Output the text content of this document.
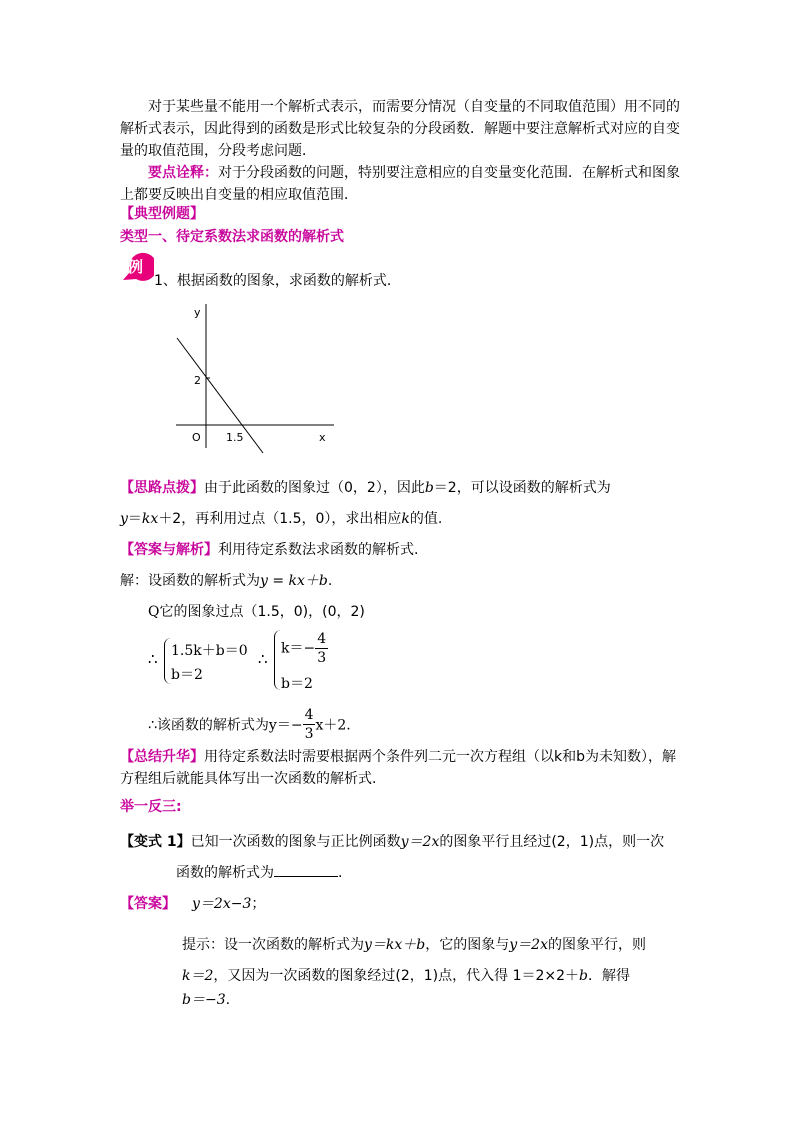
对于某些量不能用一个解析式表示，而需要分情况（自变量的不同取值范围）用不同的解析式表示，因此得到的函数是形式比较复杂的分段函数．解题中要注意解析式对应的自变量的取值范围，分段考虑问题．
要点诠释：对于分段函数的问题，特别要注意相应的自变量变化范围．在解析式和图象上都要反映出自变量的相应取值范围．
【典型例题】
类型一、待定系数法求函数的解析式
例
1、根据函数的图象，求函数的解析式．
y
x
O
2
1.5
【思路点拨】由于此函数的图象过（0，2），因此b＝2，可以设函数的解析式为
y＝kx＋2，再利用过点（1.5，0），求出相应k的值.
【答案与解析】利用待定系数法求函数的解析式.
解：设函数的解析式为y = kx＋b.
Q它的图象过点（1.5，0)，(0，2)
∴ 1.5k＋b＝0
b＝2
∴
$k=- \frac{4}{3}$
b＝2
∴该函数的解析式为$y=- \frac{4}{3} x+2$.
【总结升华】用待定系数法时需要根据两个条件列二元一次方程组（以k和b为未知数），解方程组后就能具体写出一次函数的解析式.
举一反三:
【变式 1】已知一次函数的图象与正比例函数y＝2x的图象平行且经过(2，1)点，则一次
函数的解析式为	.
【答案】 y＝2x−3；
提示：设一次函数的解析式为y＝kx＋b，它的图象与y＝2x的图象平行，则
k＝2，又因为一次函数的图象经过(2，1)点，代入得 1＝2×2＋b．解得
b＝−3.
